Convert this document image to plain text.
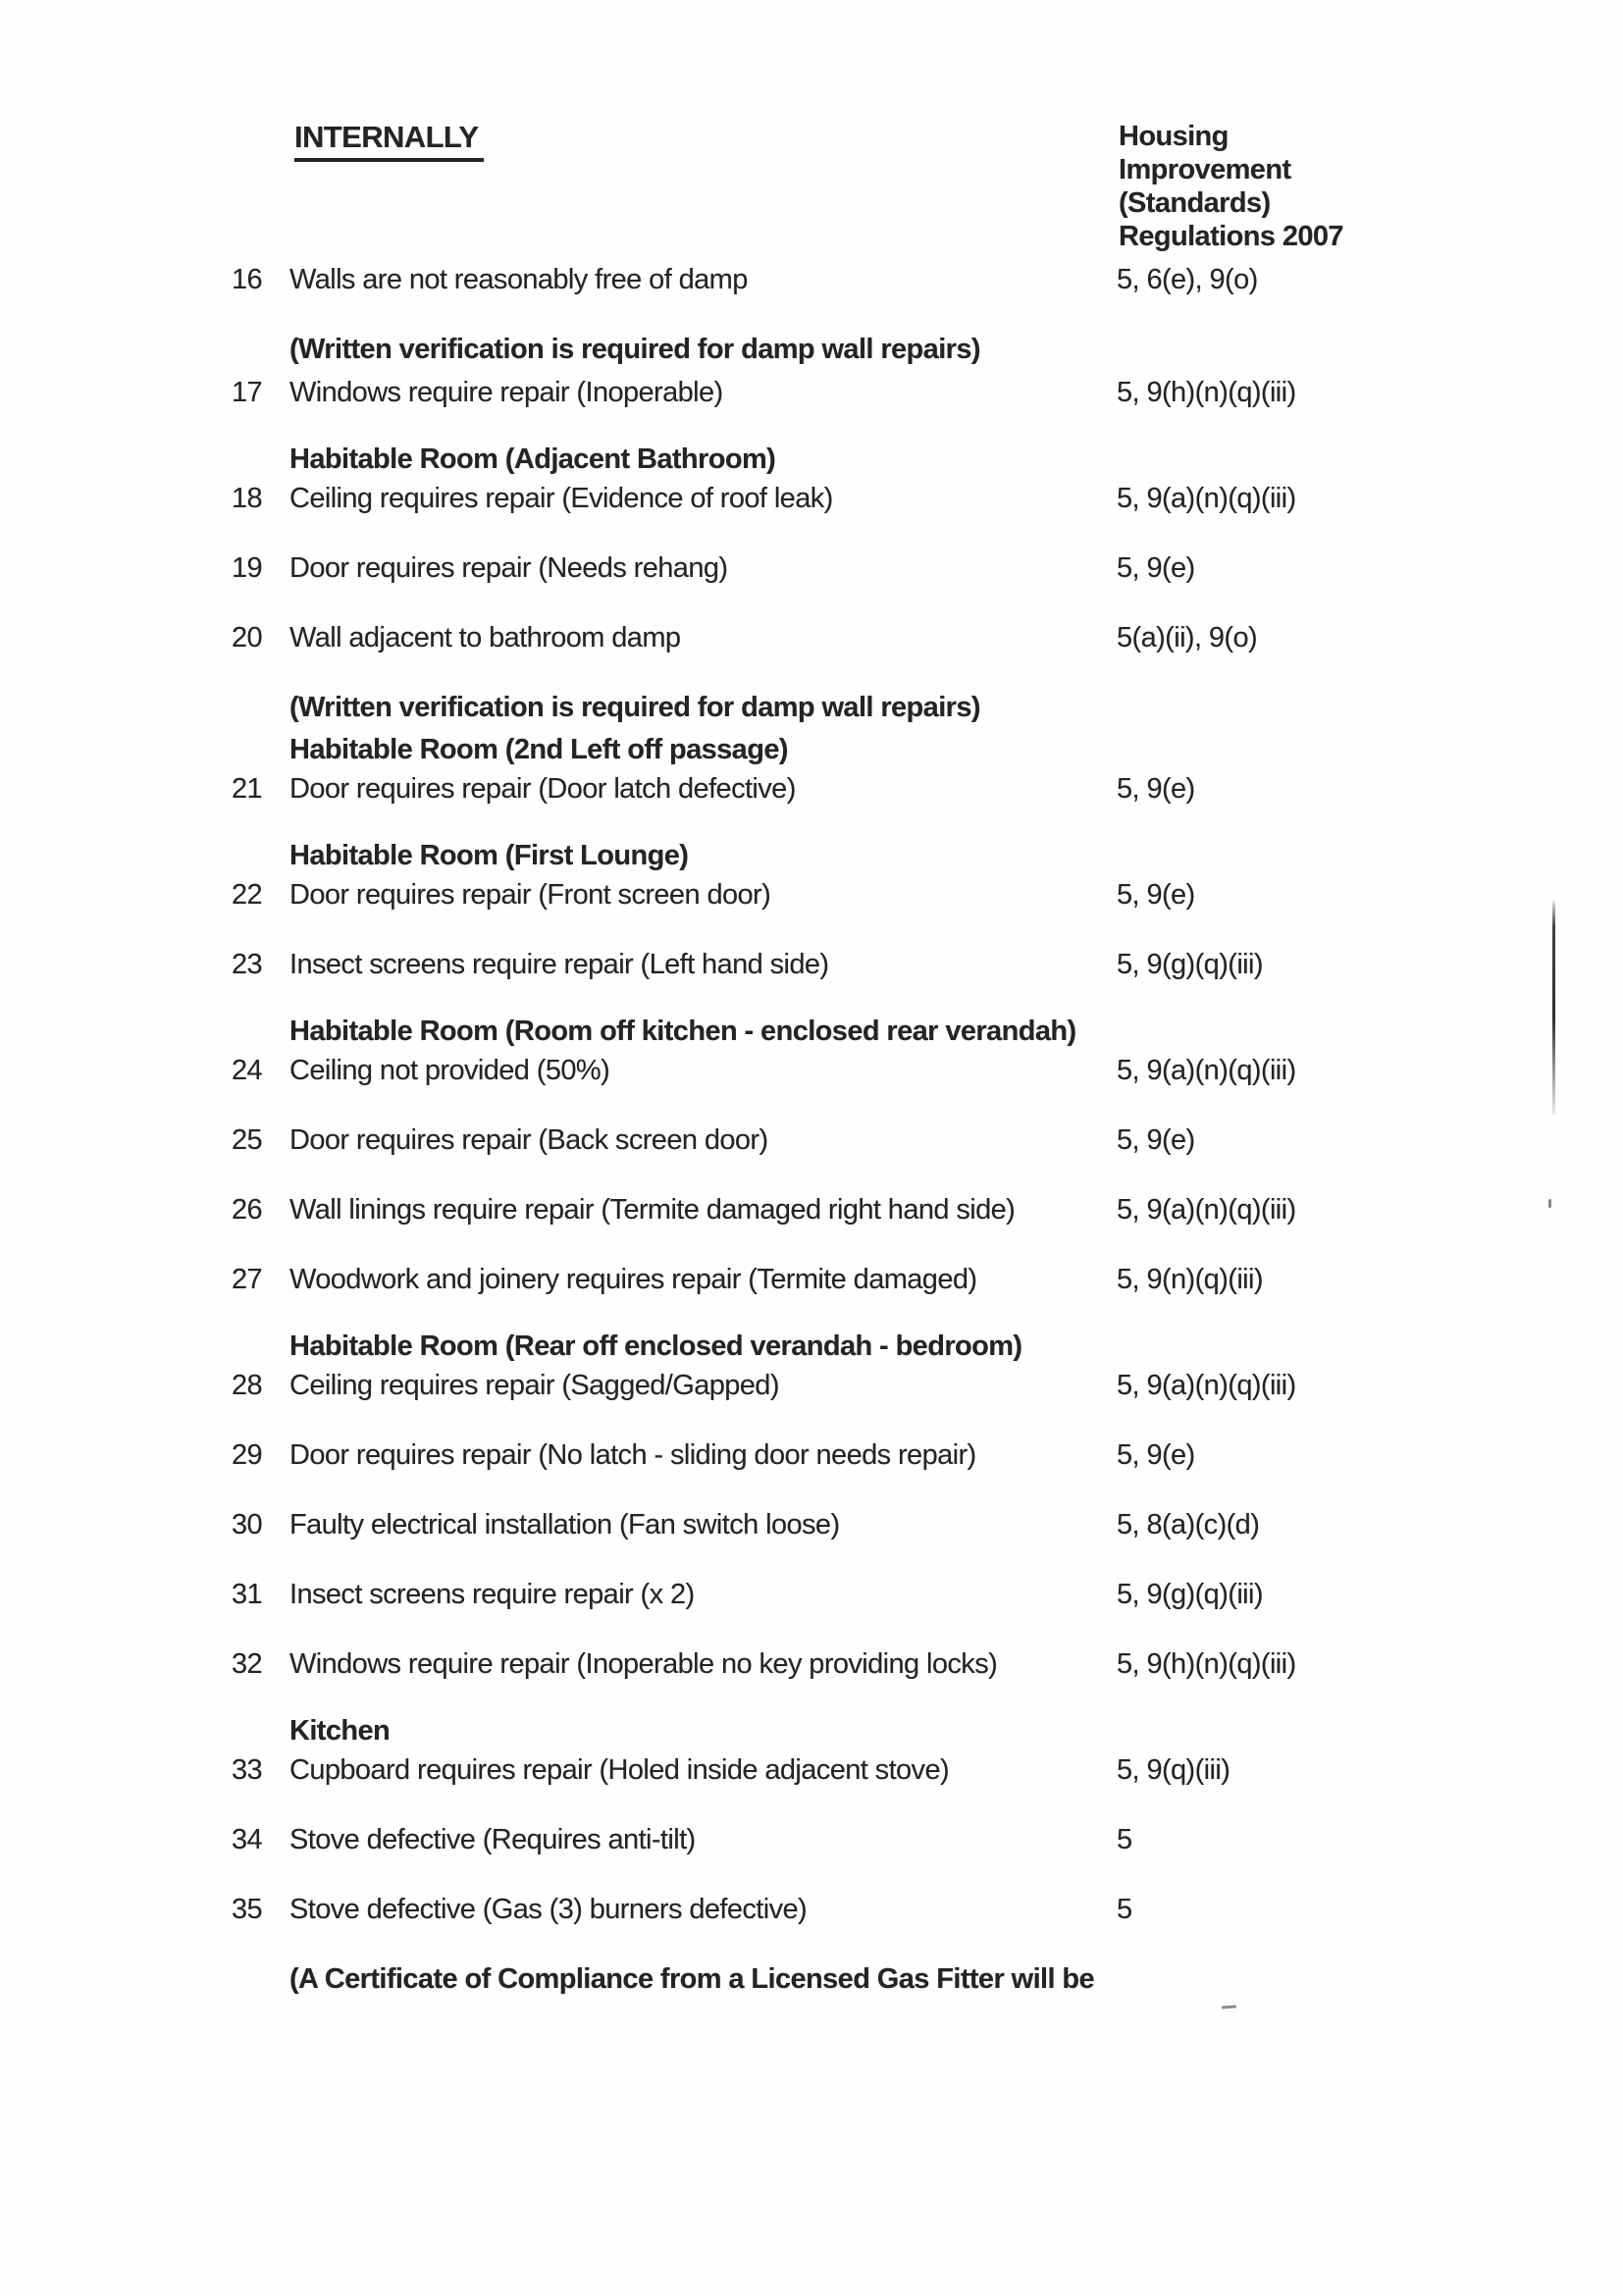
INTERNALLY	Housing
Improvement
(Standards)
Regulations 2007
16 Walls are not reasonably free of damp	5, 6(e), 9(o)
(Written verification is required for damp wall repairs)
17 Windows require repair (Inoperable)	5, 9(h)(n)(q)(iii)
Habitable Room (Adjacent Bathroom)
18 Ceiling requires repair (Evidence of roof leak)	5, 9(a)(n)(q)(iii)
19 Door requires repair (Needs rehang)	5, 9(e)
20 Wall adjacent to bathroom damp	5(a)(ii), 9(o)
(Written verification is required for damp wall repairs)
Habitable Room (2nd Left off passage)
21 Door requires repair (Door latch defective)	5, 9(e)
Habitable Room (First Lounge)
22 Door requires repair (Front screen door)	5, 9(e)
23 Insect screens require repair (Left hand side)	5, 9(g)(q)(iii)
Habitable Room (Room off kitchen - enclosed rear verandah)
24 Ceiling not provided (50%)	5, 9(a)(n)(q)(iii)
25 Door requires repair (Back screen door)	5, 9(e)
26 Wall linings require repair (Termite damaged right hand side)	5, 9(a)(n)(q)(iii)
27 Woodwork and joinery requires repair (Termite damaged)	5, 9(n)(q)(iii)
Habitable Room (Rear off enclosed verandah - bedroom)
28 Ceiling requires repair (Sagged/Gapped)	5, 9(a)(n)(q)(iii)
29 Door requires repair (No latch - sliding door needs repair)	5, 9(e)
30 Faulty electrical installation (Fan switch loose)	5, 8(a)(c)(d)
31 Insect screens require repair (x 2)	5, 9(g)(q)(iii)
32 Windows require repair (Inoperable no key providing locks)	5, 9(h)(n)(q)(iii)
Kitchen
33 Cupboard requires repair (Holed inside adjacent stove)	5, 9(q)(iii)
34 Stove defective (Requires anti-tilt)	5
35 Stove defective (Gas (3) burners defective)	5
(A Certificate of Compliance from a Licensed Gas Fitter will be
